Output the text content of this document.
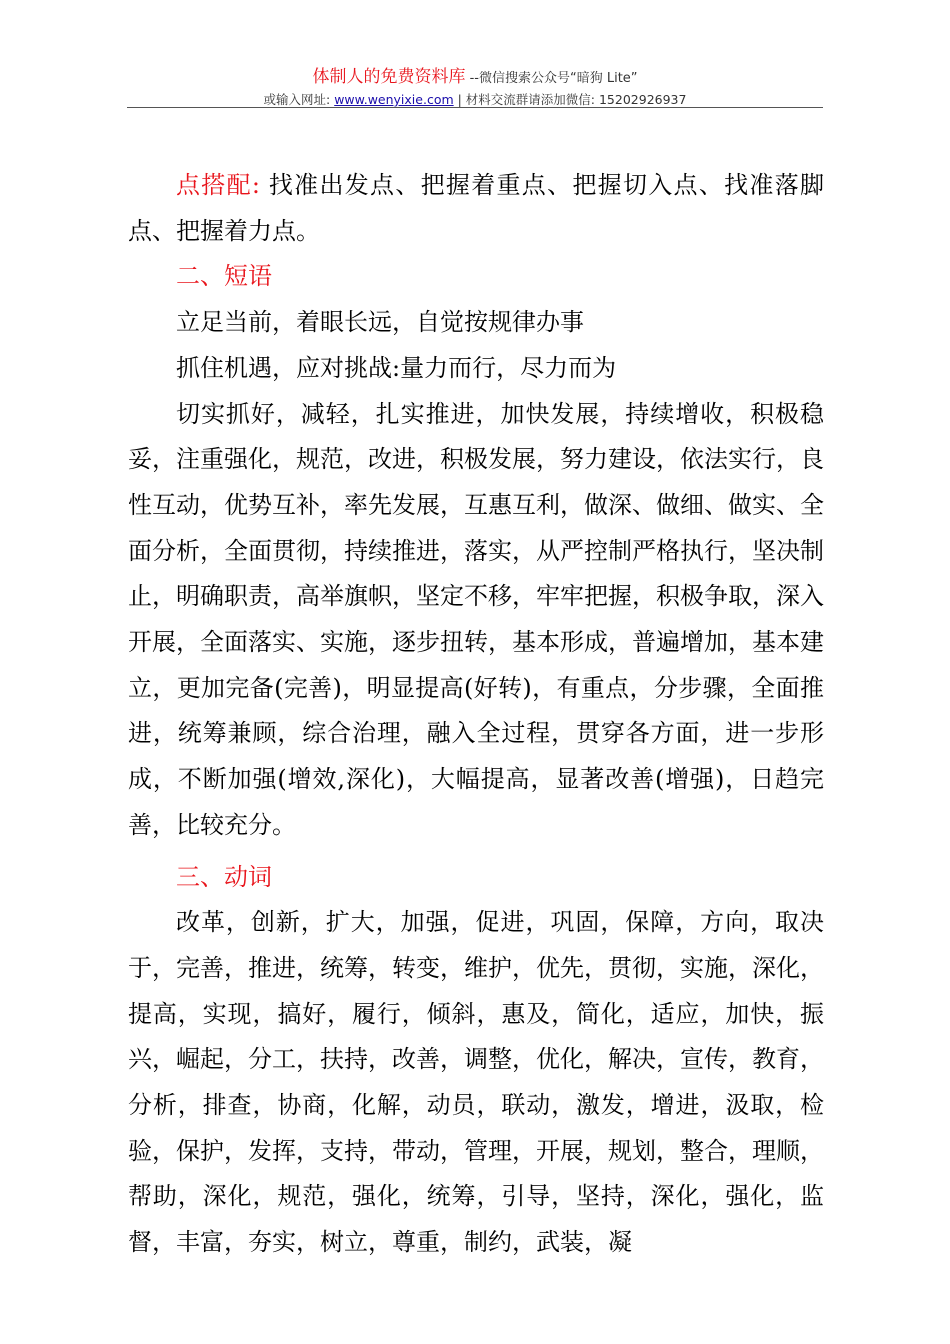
体制人的免费资料库 --微信搜索公众号“暗狗 Lite”
或输入网址: www.wenyixie.com | 材料交流群请添加微信: 15202926937

点搭配: 找准出发点、把握着重点、把握切入点、找准落脚点、把握着力点。

二、短语

立足当前，着眼长远，自觉按规律办事

抓住机遇，应对挑战:量力而行，尽力而为

切实抓好，减轻，扎实推进，加快发展，持续增收，积极稳妥，注重强化，规范，改进，积极发展，努力建设，依法实行，良性互动，优势互补，率先发展，互惠互利，做深、做细、做实、全面分析，全面贯彻，持续推进，落实，从严控制严格执行，坚决制止，明确职责，高举旗帜，坚定不移，牢牢把握，积极争取，深入开展，全面落实、实施，逐步扭转，基本形成，普遍增加，基本建立，更加完备(完善)，明显提高(好转)，有重点，分步骤，全面推进，统筹兼顾，综合治理，融入全过程，贯穿各方面，进一步形成，不断加强(增效,深化)，大幅提高，显著改善(增强)，日趋完善，比较充分。

三、动词

改革，创新，扩大，加强，促进，巩固，保障，方向，取决于，完善，推进，统筹，转变，维护，优先，贯彻，实施，深化，提高，实现，搞好，履行，倾斜，惠及，简化，适应，加快，振兴，崛起，分工，扶持，改善，调整，优化，解决，宣传，教育，分析，排查，协商，化解，动员，联动，激发，增进，汲取，检验，保护，发挥，支持，带动，管理，开展，规划，整合，理顺，帮助，深化，规范，强化，统筹，引导，坚持，深化，强化，监督，丰富，夯实，树立，尊重，制约，武装，凝
